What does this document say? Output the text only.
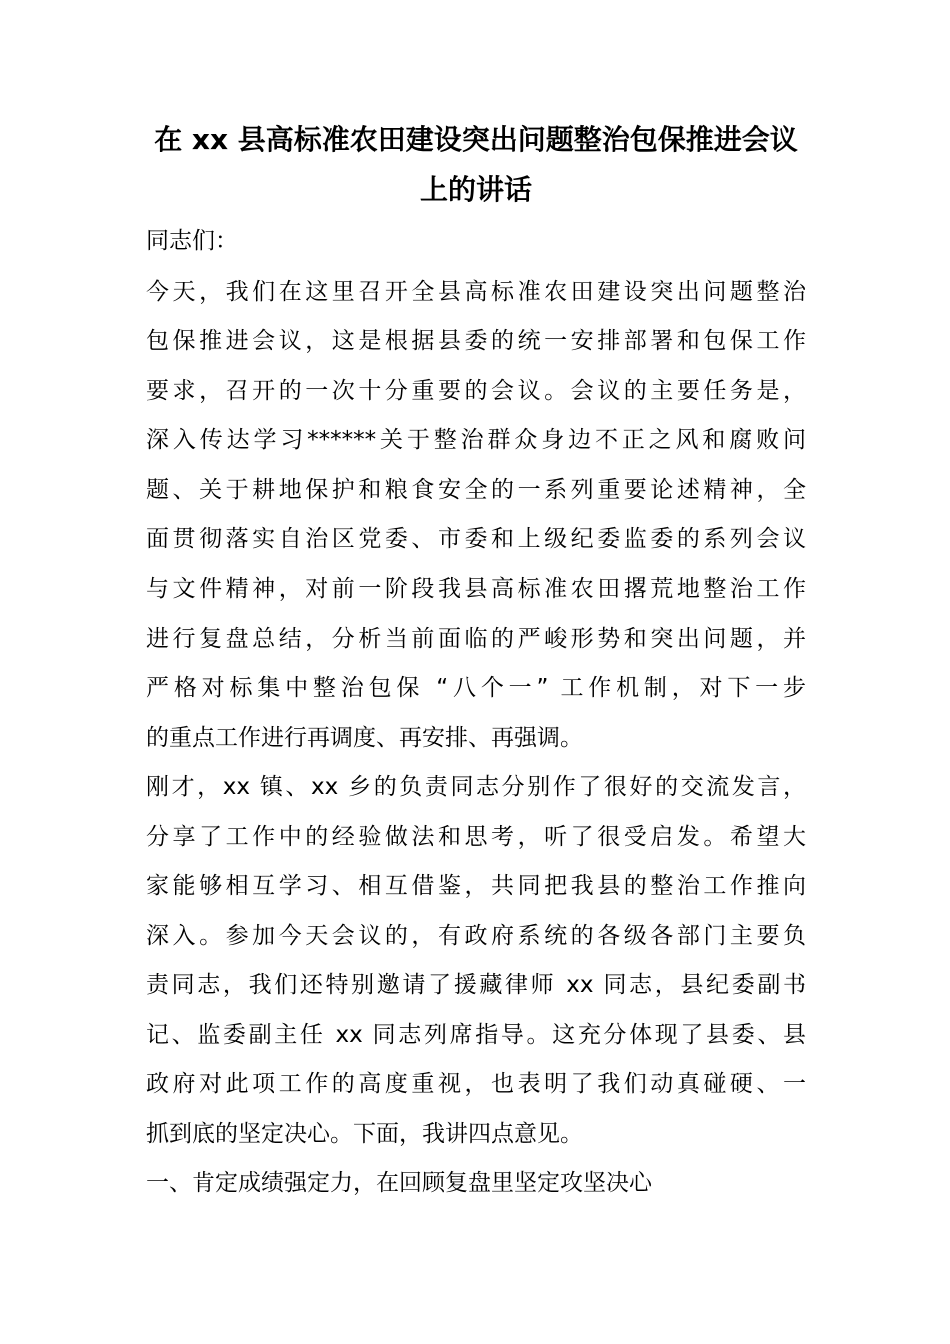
在 xx 县高标准农田建设突出问题整治包保推进会议
上的讲话
同志们：
今天，我们在这里召开全县高标准农田建设突出问题整治
包保推进会议，这是根据县委的统一安排部署和包保工作
要求，召开的一次十分重要的会议。会议的主要任务是，
深入传达学习******关于整治群众身边不正之风和腐败问
题、关于耕地保护和粮食安全的一系列重要论述精神，全
面贯彻落实自治区党委、市委和上级纪委监委的系列会议
与文件精神，对前一阶段我县高标准农田撂荒地整治工作
进行复盘总结，分析当前面临的严峻形势和突出问题，并
严格对标集中整治包保 “八个一” 工作机制，对下一步
的重点工作进行再调度、再安排、再强调。
刚才，xx 镇、xx 乡的负责同志分别作了很好的交流发言，
分享了工作中的经验做法和思考，听了很受启发。希望大
家能够相互学习、相互借鉴，共同把我县的整治工作推向
深入。参加今天会议的，有政府系统的各级各部门主要负
责同志，我们还特别邀请了援藏律师 xx 同志，县纪委副书
记、监委副主任 xx 同志列席指导。这充分体现了县委、县
政府对此项工作的高度重视，也表明了我们动真碰硬、一
抓到底的坚定决心。下面，我讲四点意见。
一、肯定成绩强定力，在回顾复盘里坚定攻坚决心
